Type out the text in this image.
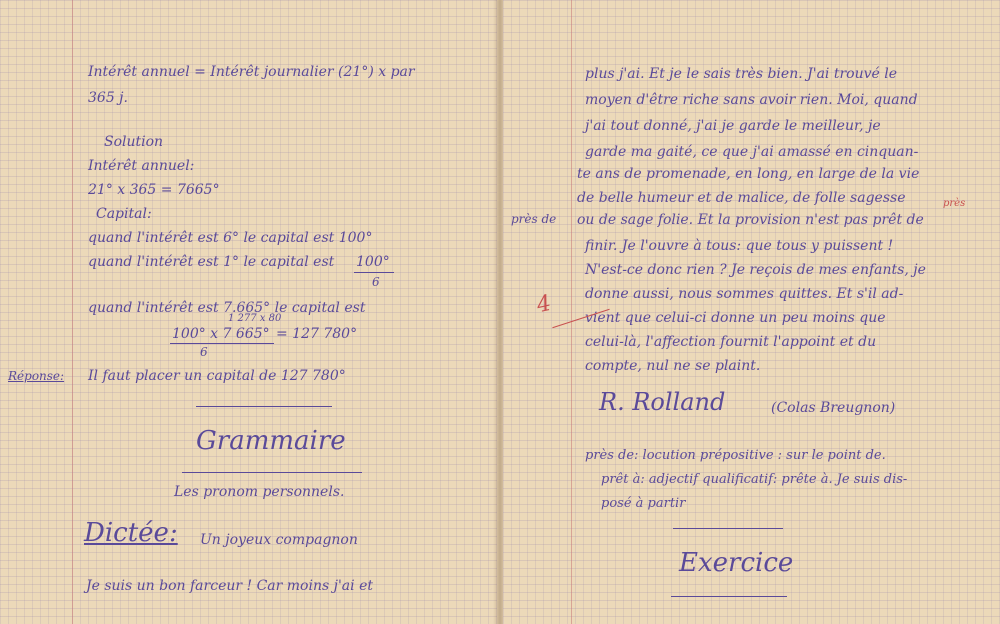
Intérêt annuel = Intérêt journalier (21°) x par
365 j.
Solution
Intérêt annuel:
21° x 365 = 7665°
Capital:
quand l'intérêt est 6° le capital est 100°
quand l'intérêt est 1° le capital est 100°
6
quand l'intérêt est 7.665° le capital est
1 277 x 80
100° x 7 665° = 127 780°
6
Réponse: Il faut placer un capital de 127 780°
Grammaire
Les pronom personnels.
Dictée: Un joyeux compagnon
Je suis un bon farceur ! Car moins j'ai et
plus j'ai. Et je le sais très bien. J'ai trouvé le
moyen d'être riche sans avoir rien. Moi, quand
j'ai tout donné, j'ai je garde le meilleur, je
garde ma gaité, ce que j'ai amassé en cinquan-
te ans de promenade, en long, en large de la vie
de belle humeur et de malice, de folle sagesse
près de
près
ou de sage folie. Et la provision n'est pas prêt de
finir. Je l'ouvre à tous: que tous y puissent !
N'est-ce donc rien ? Je reçois de mes enfants, je
donne aussi, nous sommes quittes. Et s'il ad-
vient que celui-ci donne un peu moins que
celui-là, l'affection fournit l'appoint et du
compte, nul ne se plaint.
4
R. Rolland	(Colas Breugnon)
près de: locution prépositive : sur le point de.
prêt à: adjectif qualificatif: prête à. Je suis dis-
posé à partir
Exercice
